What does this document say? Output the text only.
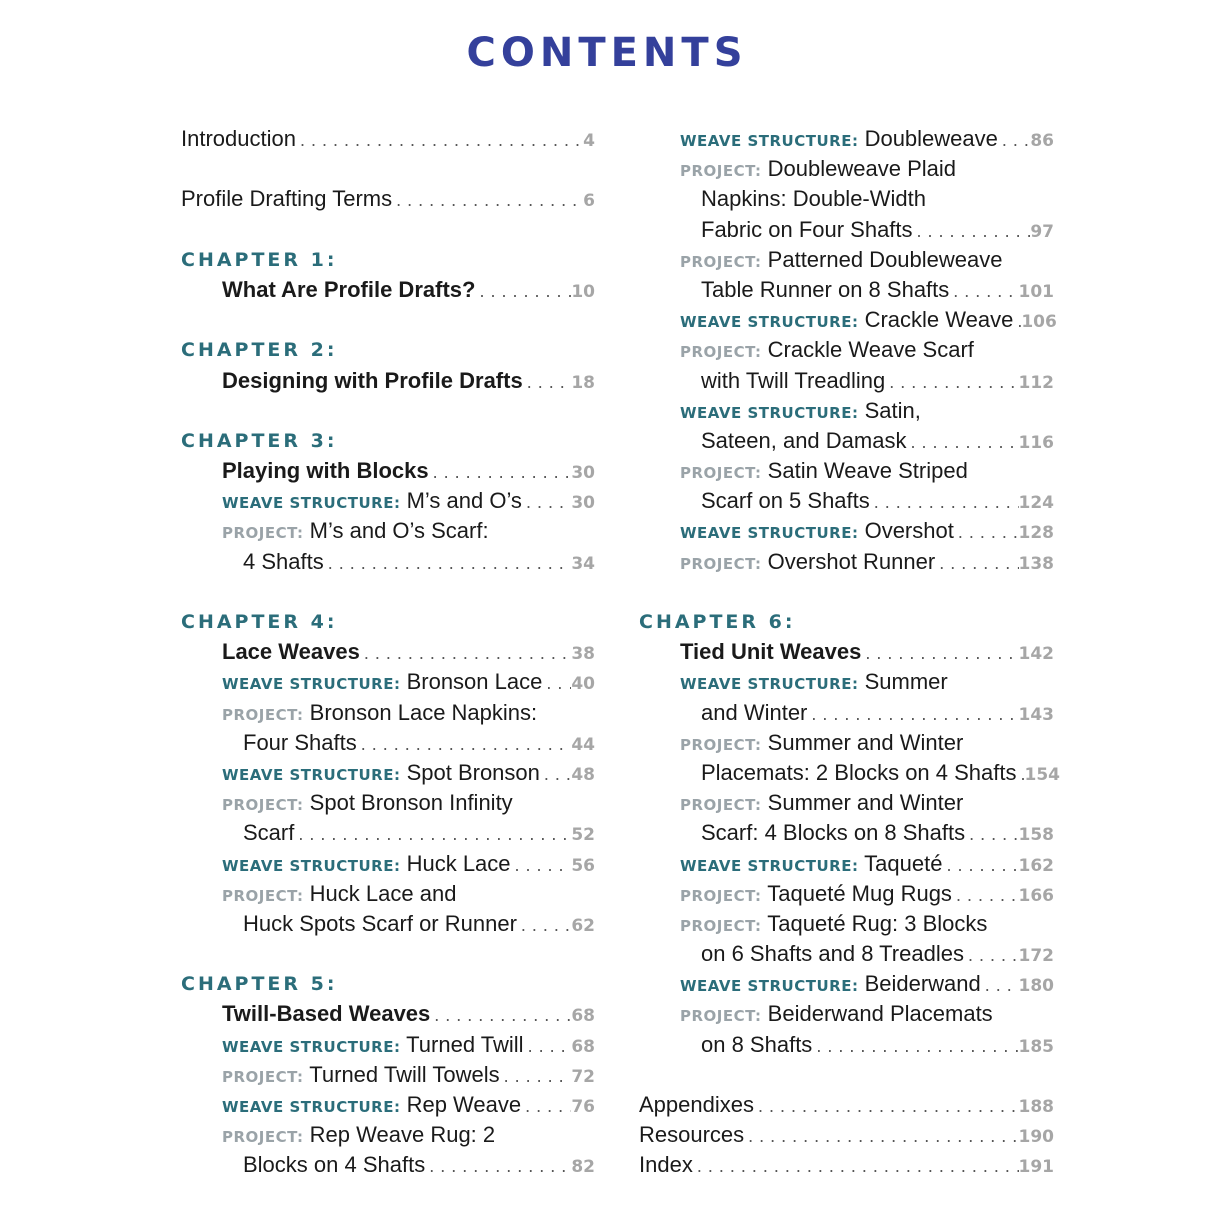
CONTENTS
Introduction . . .	4
Profile Drafting Terms . . .	6
CHAPTER 1:
What Are Profile Drafts? . . .	10
CHAPTER 2:
Designing with Profile Drafts . . .	18
CHAPTER 3:
Playing with Blocks . . .	30
WEAVE STRUCTURE: M’s and O’s . . .	30
PROJECT: M’s and O’s Scarf:
4 Shafts . . .	34
CHAPTER 4:
Lace Weaves . . .	38
WEAVE STRUCTURE: Bronson Lace . . . 40
PROJECT: Bronson Lace Napkins:
Four Shafts . . .	44
WEAVE STRUCTURE: Spot Bronson . . . 48
PROJECT: Spot Bronson Infinity
Scarf . . .	52
WEAVE STRUCTURE: Huck Lace . . .	56
PROJECT: Huck Lace and
Huck Spots Scarf or Runner . . .	62
CHAPTER 5:
Twill-Based Weaves . . .	68
WEAVE STRUCTURE: Turned Twill . . .	68
PROJECT: Turned Twill Towels . . .	72
WEAVE STRUCTURE: Rep Weave . . .	76
PROJECT: Rep Weave Rug: 2
Blocks on 4 Shafts . . .	82
WEAVE STRUCTURE: Doubleweave . . . 86
PROJECT: Doubleweave Plaid
Napkins: Double-Width
Fabric on Four Shafts . . .	97
PROJECT: Patterned Doubleweave
Table Runner on 8 Shafts . . .	101
WEAVE STRUCTURE: Crackle Weave . . . 106
PROJECT: Crackle Weave Scarf
with Twill Treadling . . .	112
WEAVE STRUCTURE: Satin,
Sateen, and Damask . . .	116
PROJECT: Satin Weave Striped
Scarf on 5 Shafts . . .	124
WEAVE STRUCTURE: Overshot . . .	128
PROJECT: Overshot Runner . . .	138
CHAPTER 6:
Tied Unit Weaves . . .	142
WEAVE STRUCTURE: Summer
and Winter . . .	143
PROJECT: Summer and Winter
Placemats: 2 Blocks on 4 Shafts . . . 154
PROJECT: Summer and Winter
Scarf: 4 Blocks on 8 Shafts . . .	158
WEAVE STRUCTURE: Taqueté . . .	162
PROJECT: Taqueté Mug Rugs . . .	166
PROJECT: Taqueté Rug: 3 Blocks
on 6 Shafts and 8 Treadles . . .	172
WEAVE STRUCTURE: Beiderwand . . . 180
PROJECT: Beiderwand Placemats
on 8 Shafts . . .	185
Appendixes . . .	188
Resources . . .	190
Index . . .	191
